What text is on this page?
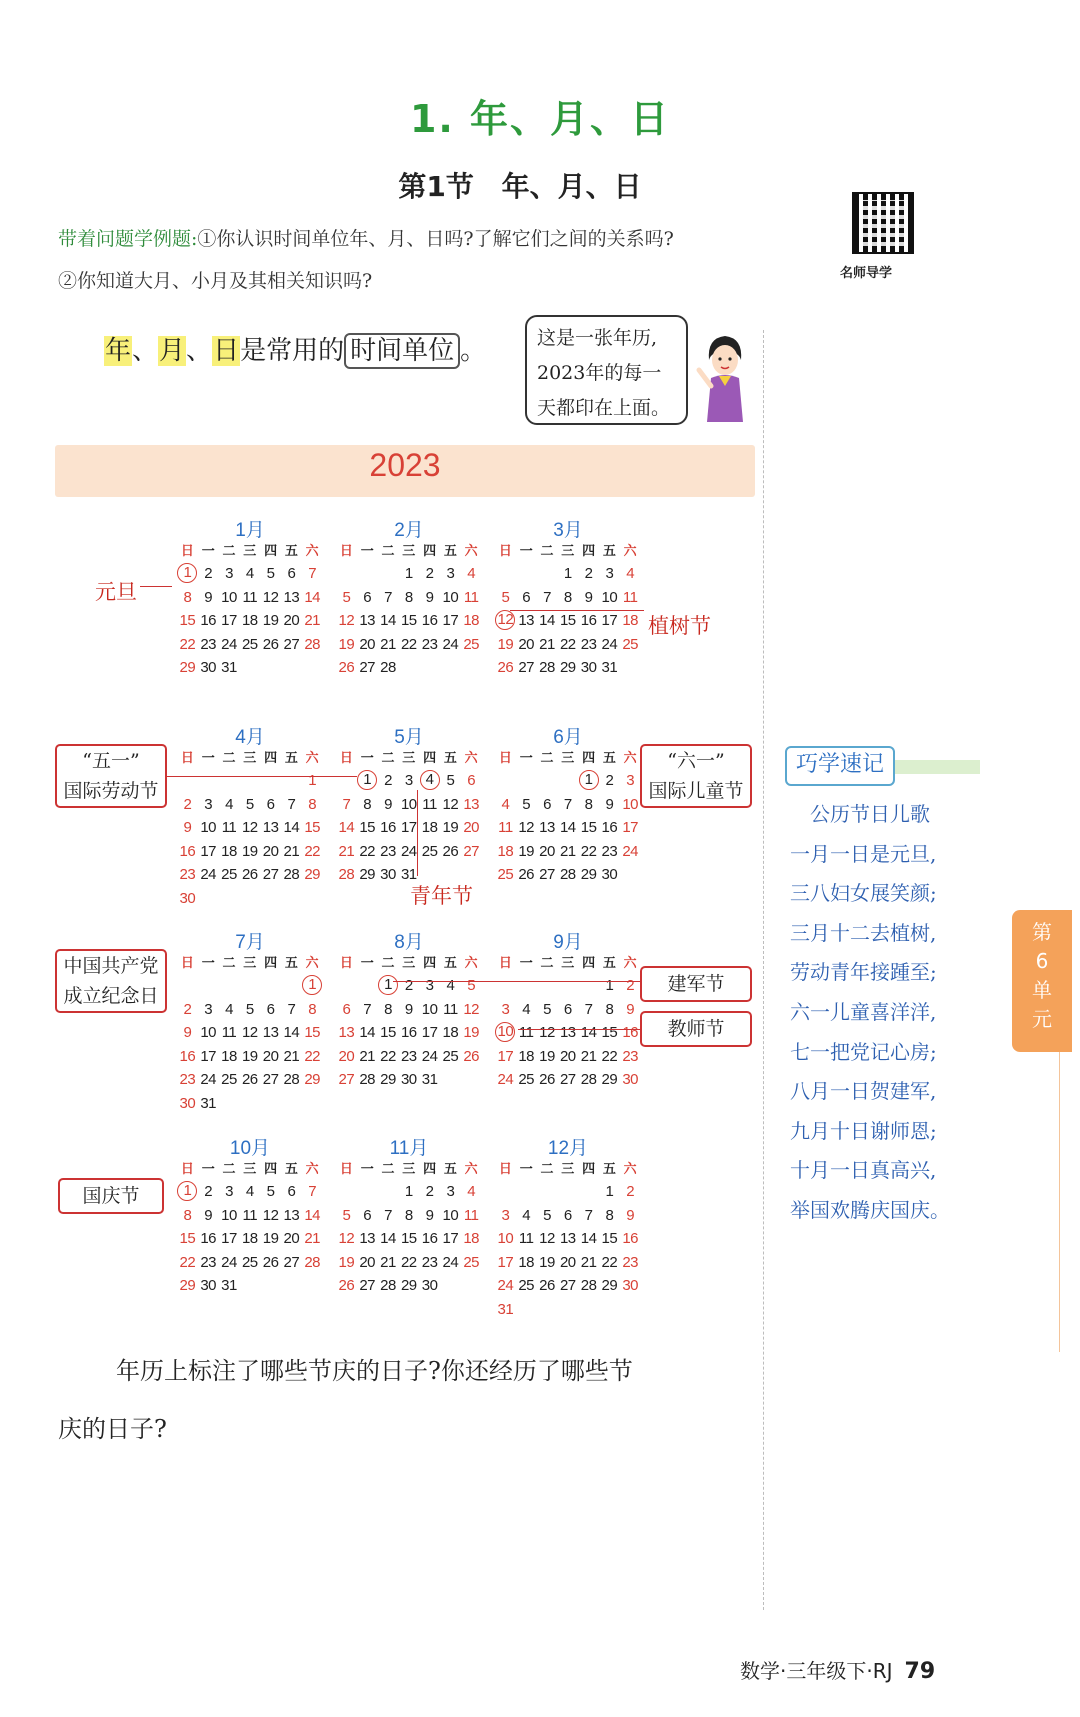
1. 年、月、日
第1节 年、月、日
带着问题学例题:①你认识时间单位年、月、日吗?了解它们之间的关系吗?
②你知道大月、小月及其相关知识吗?	名师导学
年、月、日是常用的 时间单位 。	这是一张年历,
2023年的每一
天都印在上面。
2023
1月
日 一 二 三 四 五 六
1 2 3 4 5 6 7
8 9 10 11 12 13 14
15 16 17 18 19 20 21
22 23 24 25 26 27 28
29 30 31
2月
日 一 二 三 四 五 六
1 2 3 4
5 6 7 8 9 10 11
12 13 14 15 16 17 18
19 20 21 22 23 24 25
26 27 28
3月
日 一 二 三 四 五 六
1 2 3 4
5 6 7 8 9 10 11
12 13 14 15 16 17 18
19 20 21 22 23 24 25
26 27 28 29 30 31
4月
日 一 二 三 四 五 六
1
2 3 4 5 6 7 8
9 10 11 12 13 14 15
16 17 18 19 20 21 22
23 24 25 26 27 28 29
30
5月
日 一 二 三 四 五 六
1 2 3 4 5 6
7 8 9 10 11 12 13
14 15 16 17 18 19 20
21 22 23 24 25 26 27
28 29 30 31
6月
日 一 二 三 四 五 六
1 2 3
4 5 6 7 8 9 10
11 12 13 14 15 16 17
18 19 20 21 22 23 24
25 26 27 28 29 30
7月
日 一 二 三 四 五 六
1
2 3 4 5 6 7 8
9 10 11 12 13 14 15
16 17 18 19 20 21 22
23 24 25 26 27 28 29
30 31
8月
日 一 二 三 四 五 六
1 2 3 4 5
6 7 8 9 10 11 12
13 14 15 16 17 18 19
20 21 22 23 24 25 26
27 28 29 30 31
9月
日 一 二 三 四 五 六
1 2
3 4 5 6 7 8 9
10 11 12 13 14 15 16
17 18 19 20 21 22 23
24 25 26 27 28 29 30
10月
日 一 二 三 四 五 六
1 2 3 4 5 6 7
8 9 10 11 12 13 14
15 16 17 18 19 20 21
22 23 24 25 26 27 28
29 30 31
11月
日 一 二 三 四 五 六
1 2 3 4
5 6 7 8 9 10 11
12 13 14 15 16 17 18
19 20 21 22 23 24 25
26 27 28 29 30
12月
日 一 二 三 四 五 六
1 2
3 4 5 6 7 8 9
10 11 12 13 14 15 16
17 18 19 20 21 22 23
24 25 26 27 28 29 30
31
元旦
植树节
“五一”
国际劳动节
青年节
“六一”
国际儿童节
中国共产党
成立纪念日
建军节
教师节
国庆节
年历上标注了哪些节庆的日子?你还经历了哪些节
庆的日子?
巧学速记
公历节日儿歌
一月一日是元旦,
三八妇女展笑颜;
三月十二去植树,
劳动青年接踵至;
六一儿童喜洋洋,
七一把党记心房;
八月一日贺建军,
九月十日谢师恩;
十月一日真高兴,
举国欢腾庆国庆。
第
6
单
元
数学·三年级下·RJ 79
